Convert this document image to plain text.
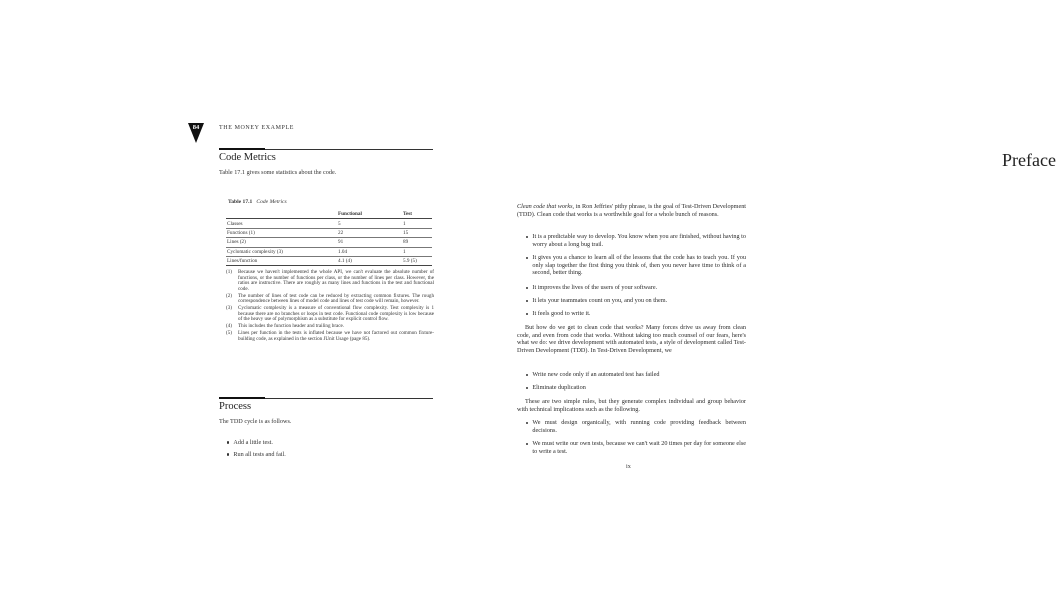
84	THE MONEY EXAMPLE
Code Metrics
Table 17.1 gives some statistics about the code.
Table 17.1 Code Metrics
	Functional	Test
Classes	5	1
Functions (1)	22	15
Lines (2)	91	89
Cyclomatic complexity (3)	1.04	1
Lines/function	4.1 (4)	5.9 (5)
(1)	Because we haven't implemented the whole API, we can't evaluate the absolute number of functions, or the number of functions per class, or the number of lines per class. However, the ratios are instructive. There are roughly as many lines and functions in the test and functional code.
(2)	The number of lines of test code can be reduced by extracting common fixtures. The rough correspondence between lines of model code and lines of test code will remain, however.
(3)	Cyclomatic complexity is a measure of conventional flow complexity. Test complexity is 1 because there are no branches or loops in test code. Functional code complexity is low because of the heavy use of polymorphism as a substitute for explicit control flow.
(4)	This includes the function header and trailing brace.
(5)	Lines per function in the tests is inflated because we have not factored out common fixture-building code, as explained in the section JUnit Usage (page 85).
Process
The TDD cycle is as follows.
Add a little test.
Run all tests and fail.
Preface
Clean code that works, in Ron Jeffries' pithy phrase, is the goal of Test-Driven Development (TDD). Clean code that works is a worthwhile goal for a whole bunch of reasons.
It is a predictable way to develop. You know when you are finished, without having to worry about a long bug trail.
It gives you a chance to learn all of the lessons that the code has to teach you. If you only slap together the first thing you think of, then you never have time to think of a second, better thing.
It improves the lives of the users of your software.
It lets your teammates count on you, and you on them.
It feels good to write it.
But how do we get to clean code that works? Many forces drive us away from clean code, and even from code that works. Without taking too much counsel of our fears, here's what we do: we drive development with automated tests, a style of development called Test-Driven Development (TDD). In Test-Driven Development, we
Write new code only if an automated test has failed
Eliminate duplication
These are two simple rules, but they generate complex individual and group behavior with technical implications such as the following.
We must design organically, with running code providing feedback between decisions.
We must write our own tests, because we can't wait 20 times per day for someone else to write a test.
ix
